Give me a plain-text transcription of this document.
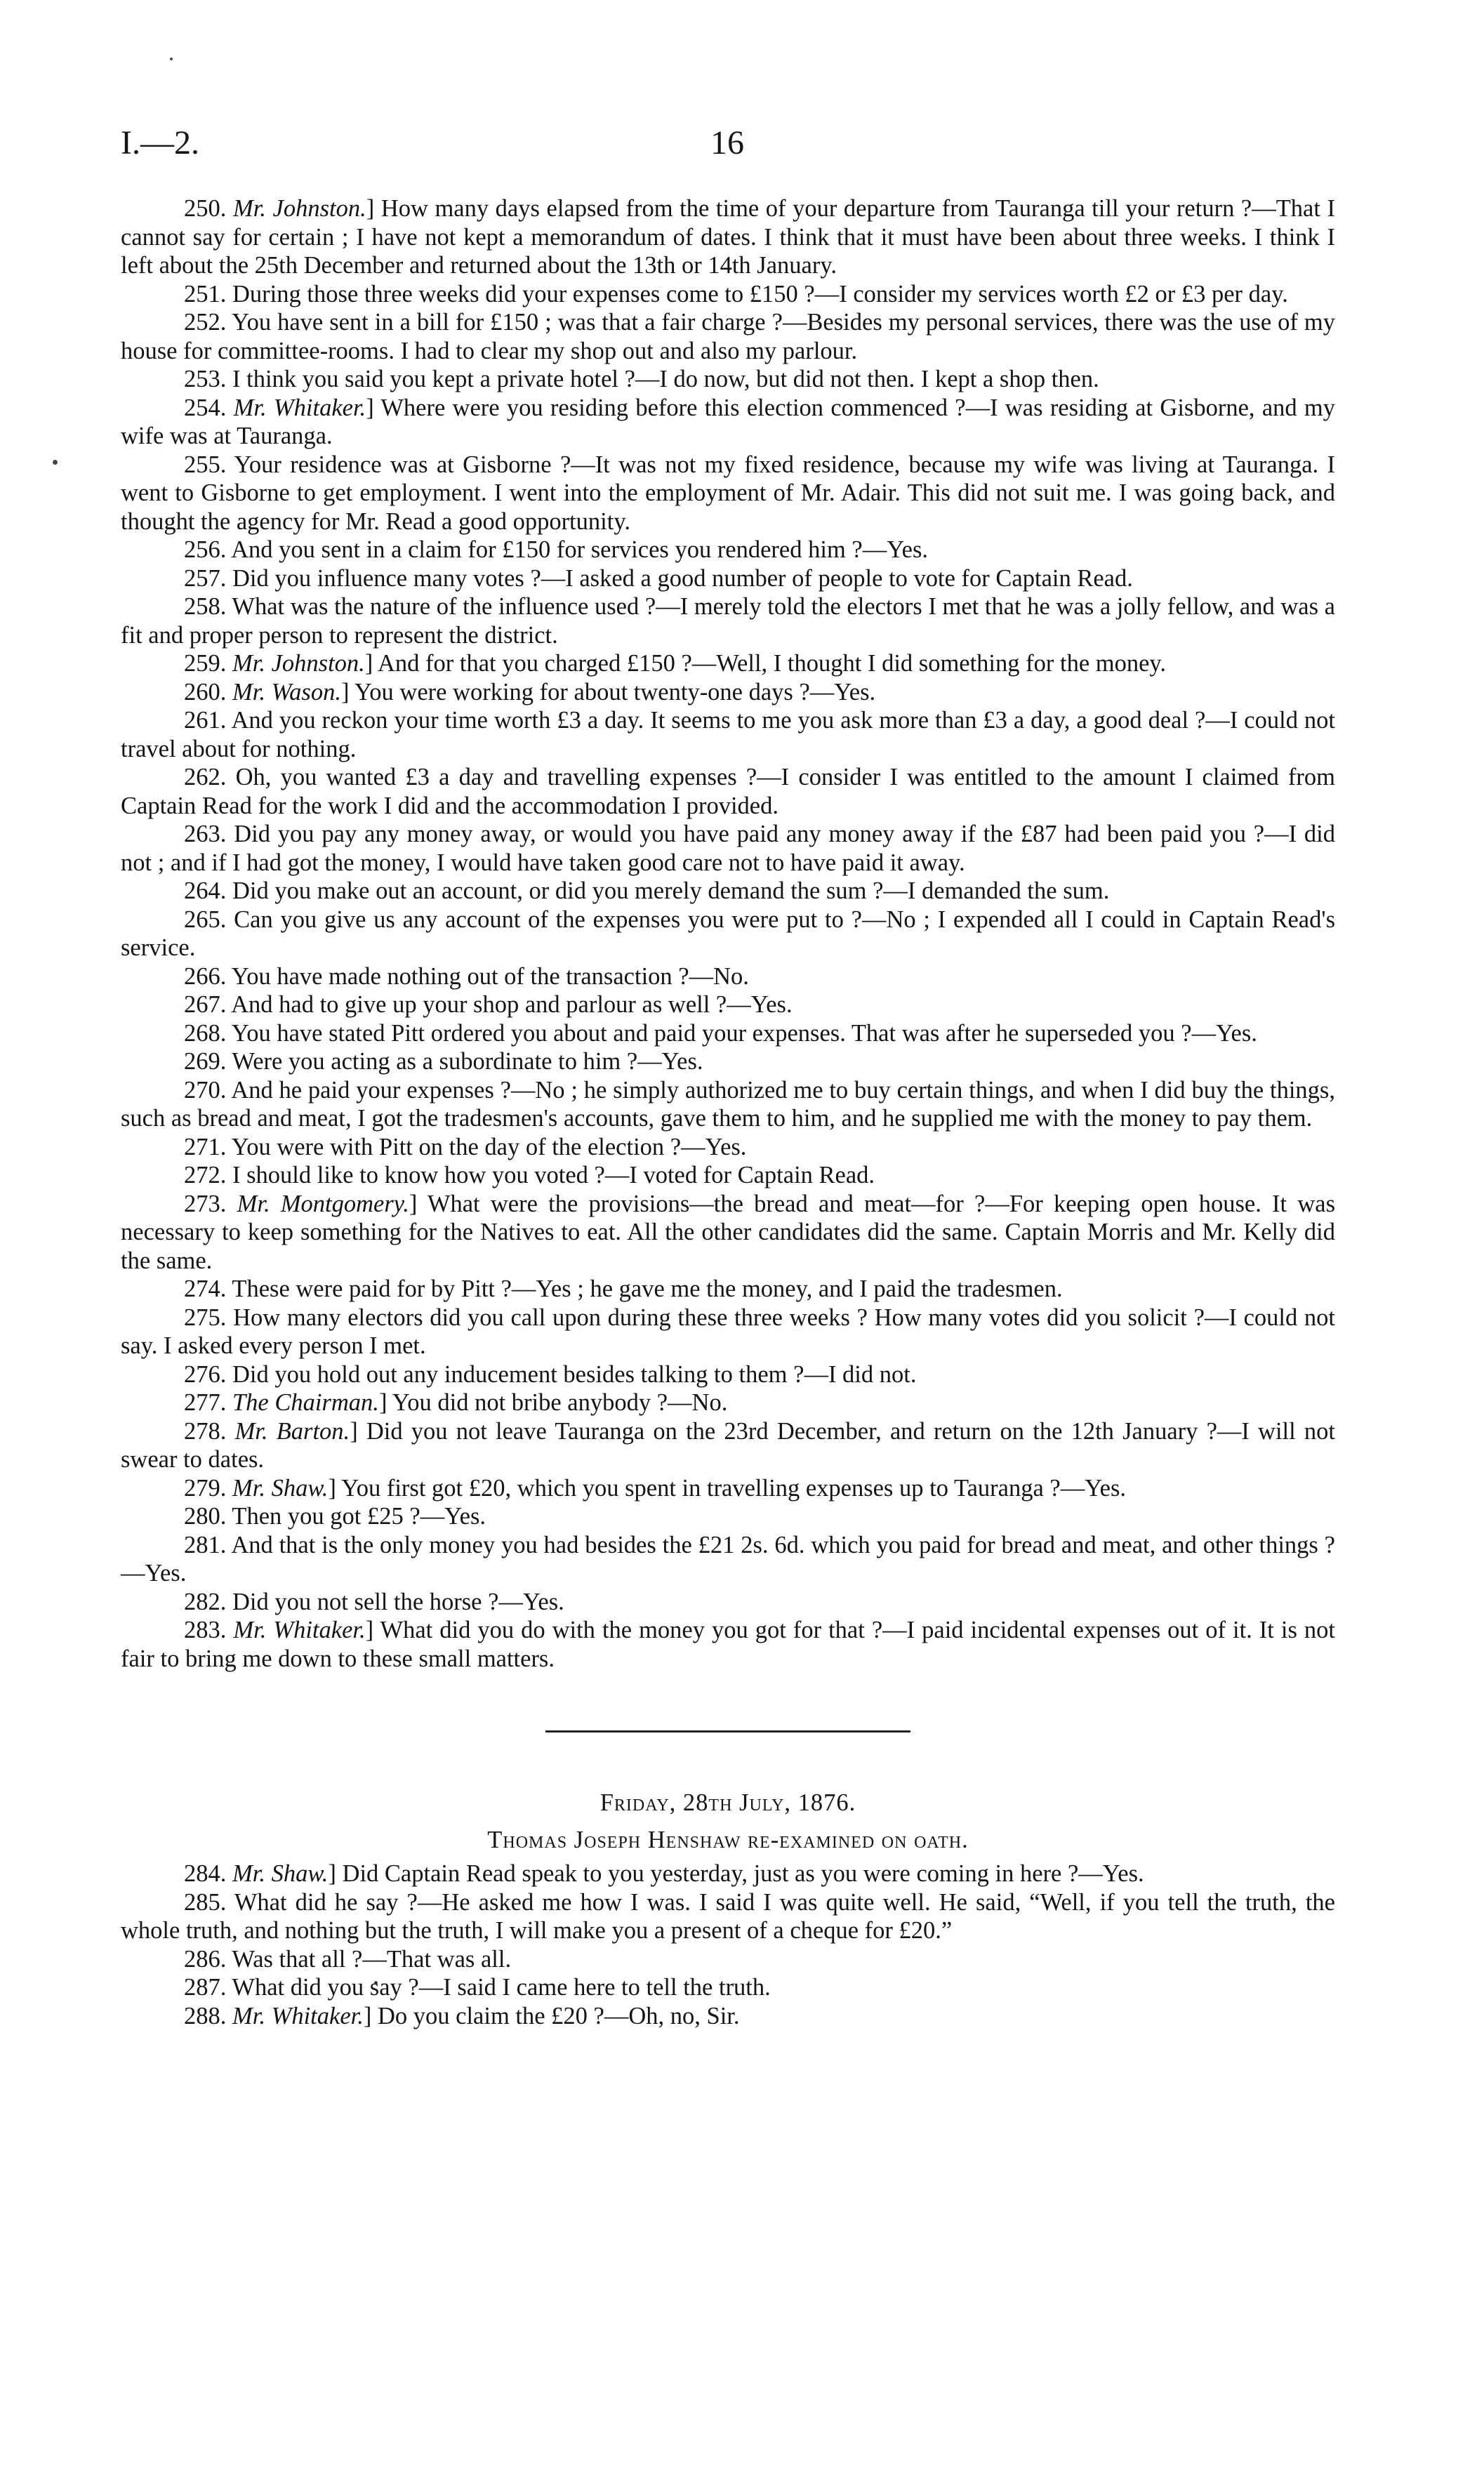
I.—2.	16

250. Mr. Johnston.] How many days elapsed from the time of your departure from Tauranga till your return ?—That I cannot say for certain ; I have not kept a memorandum of dates. I think that it must have been about three weeks. I think I left about the 25th December and returned about the 13th or 14th January.

251. During those three weeks did your expenses come to £150 ?—I consider my services worth £2 or £3 per day.

252. You have sent in a bill for £150 ; was that a fair charge ?—Besides my personal services, there was the use of my house for committee-rooms. I had to clear my shop out and also my parlour.

253. I think you said you kept a private hotel ?—I do now, but did not then. I kept a shop then.

254. Mr. Whitaker.] Where were you residing before this election commenced ?—I was residing at Gisborne, and my wife was at Tauranga.

255. Your residence was at Gisborne ?—It was not my fixed residence, because my wife was living at Tauranga. I went to Gisborne to get employment. I went into the employment of Mr. Adair. This did not suit me. I was going back, and thought the agency for Mr. Read a good opportunity.

256. And you sent in a claim for £150 for services you rendered him ?—Yes.

257. Did you influence many votes ?—I asked a good number of people to vote for Captain Read.

258. What was the nature of the influence used ?—I merely told the electors I met that he was a jolly fellow, and was a fit and proper person to represent the district.

259. Mr. Johnston.] And for that you charged £150 ?—Well, I thought I did something for the money.

260. Mr. Wason.] You were working for about twenty-one days ?—Yes.

261. And you reckon your time worth £3 a day. It seems to me you ask more than £3 a day, a good deal ?—I could not travel about for nothing.

262. Oh, you wanted £3 a day and travelling expenses ?—I consider I was entitled to the amount I claimed from Captain Read for the work I did and the accommodation I provided.

263. Did you pay any money away, or would you have paid any money away if the £87 had been paid you ?—I did not ; and if I had got the money, I would have taken good care not to have paid it away.

264. Did you make out an account, or did you merely demand the sum ?—I demanded the sum.

265. Can you give us any account of the expenses you were put to ?—No ; I expended all I could in Captain Read's service.

266. You have made nothing out of the transaction ?—No.

267. And had to give up your shop and parlour as well ?—Yes.

268. You have stated Pitt ordered you about and paid your expenses. That was after he superseded you ?—Yes.

269. Were you acting as a subordinate to him ?—Yes.

270. And he paid your expenses ?—No ; he simply authorized me to buy certain things, and when I did buy the things, such as bread and meat, I got the tradesmen's accounts, gave them to him, and he supplied me with the money to pay them.

271. You were with Pitt on the day of the election ?—Yes.

272. I should like to know how you voted ?—I voted for Captain Read.

273. Mr. Montgomery.] What were the provisions—the bread and meat—for ?—For keeping open house. It was necessary to keep something for the Natives to eat. All the other candidates did the same. Captain Morris and Mr. Kelly did the same.

274. These were paid for by Pitt ?—Yes ; he gave me the money, and I paid the tradesmen.

275. How many electors did you call upon during these three weeks ? How many votes did you solicit ?—I could not say. I asked every person I met.

276. Did you hold out any inducement besides talking to them ?—I did not.

277. The Chairman.] You did not bribe anybody ?—No.

278. Mr. Barton.] Did you not leave Tauranga on the 23rd December, and return on the 12th January ?—I will not swear to dates.

279. Mr. Shaw.] You first got £20, which you spent in travelling expenses up to Tauranga ?—Yes.

280. Then you got £25 ?—Yes.

281. And that is the only money you had besides the £21 2s. 6d. which you paid for bread and meat, and other things ?—Yes.

282. Did you not sell the horse ?—Yes.

283. Mr. Whitaker.] What did you do with the money you got for that ?—I paid incidental expenses out of it. It is not fair to bring me down to these small matters.

Friday, 28th July, 1876.

Thomas Joseph Henshaw re-examined on oath.

284. Mr. Shaw.] Did Captain Read speak to you yesterday, just as you were coming in here ?—Yes.

285. What did he say ?—He asked me how I was. I said I was quite well. He said, “Well, if you tell the truth, the whole truth, and nothing but the truth, I will make you a present of a cheque for £20.”

286. Was that all ?—That was all.

287. What did you say ?—I said I came here to tell the truth.

288. Mr. Whitaker.] Do you claim the £20 ?—Oh, no, Sir.
